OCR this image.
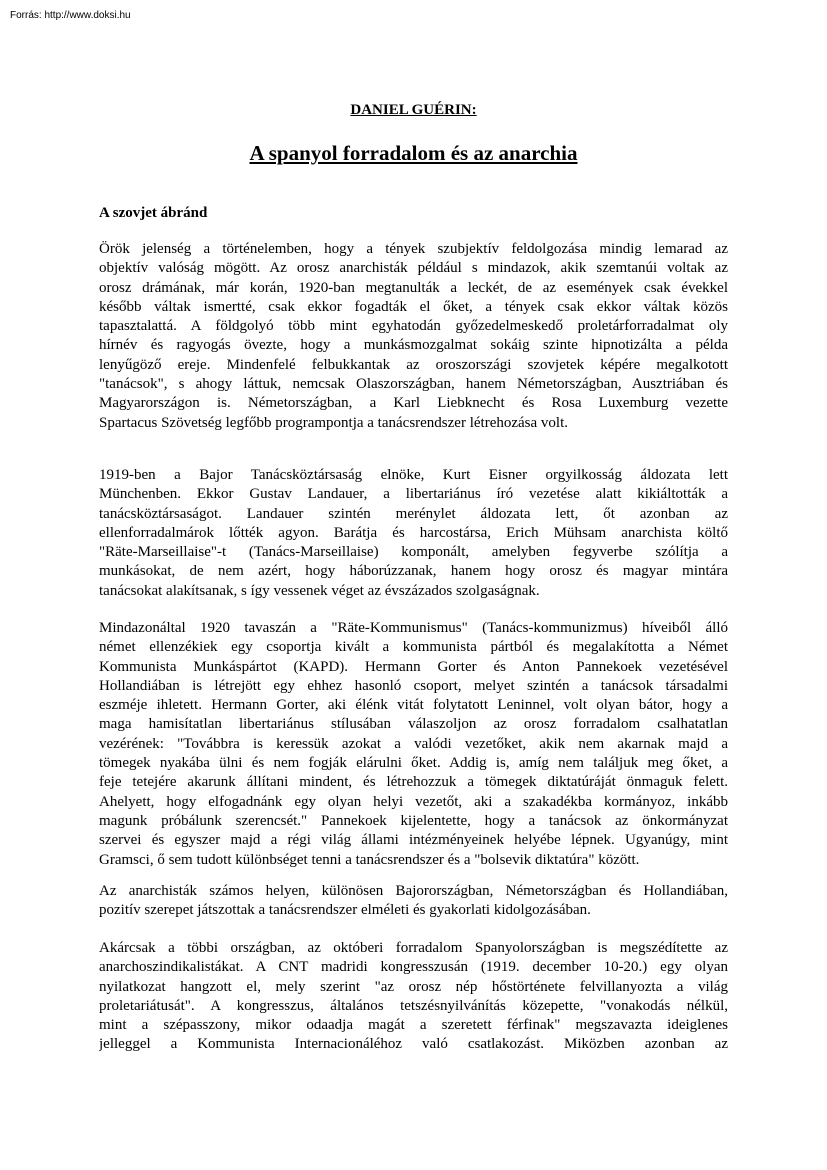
Forrás: http://www.doksi.hu
DANIEL GUÉRIN:
A spanyol forradalom és az anarchia
A szovjet ábránd
Örök jelenség a történelemben, hogy a tények szubjektív feldolgozása mindig lemarad az
objektív valóság mögött. Az orosz anarchisták például s mindazok, akik szemtanúi voltak az
orosz drámának, már korán, 1920-ban megtanulták a leckét, de az események csak évekkel
később váltak ismertté, csak ekkor fogadták el őket, a tények csak ekkor váltak közös
tapasztalattá. A földgolyó több mint egyhatodán győzedelmeskedő proletárforradalmat oly
hírnév és ragyogás övezte, hogy a munkásmozgalmat sokáig szinte hipnotizálta a példa
lenyűgöző ereje. Mindenfelé felbukkantak az oroszországi szovjetek képére megalkotott
"tanácsok", s ahogy láttuk, nemcsak Olaszországban, hanem Németországban, Ausztriában és
Magyarországon is. Németországban, a Karl Liebknecht és Rosa Luxemburg vezette
Spartacus Szövetség legfőbb programpontja a tanácsrendszer létrehozása volt.
1919-ben a Bajor Tanácsköztársaság elnöke, Kurt Eisner orgyilkosság áldozata lett
Münchenben. Ekkor Gustav Landauer, a libertariánus író vezetése alatt kikiáltották a
tanácsköztársaságot. Landauer szintén merénylet áldozata lett, őt azonban az
ellenforradalmárok lőtték agyon. Barátja és harcostársa, Erich Mühsam anarchista költő
"Räte-Marseillaise"-t (Tanács-Marseillaise) komponált, amelyben fegyverbe szólítja a
munkásokat, de nem azért, hogy háborúzzanak, hanem hogy orosz és magyar mintára
tanácsokat alakítsanak, s így vessenek véget az évszázados szolgaságnak.
Mindazonáltal 1920 tavaszán a "Räte-Kommunismus" (Tanács-kommunizmus) híveiből álló
német ellenzékiek egy csoportja kivált a kommunista pártból és megalakította a Német
Kommunista Munkáspártot (KAPD). Hermann Gorter és Anton Pannekoek vezetésével
Hollandiában is létrejött egy ehhez hasonló csoport, melyet szintén a tanácsok társadalmi
eszméje ihletett. Hermann Gorter, aki élénk vitát folytatott Leninnel, volt olyan bátor, hogy a
maga hamisítatlan libertariánus stílusában válaszoljon az orosz forradalom csalhatatlan
vezérének: "Továbbra is keressük azokat a valódi vezetőket, akik nem akarnak majd a
tömegek nyakába ülni és nem fogják elárulni őket. Addig is, amíg nem találjuk meg őket, a
feje tetejére akarunk állítani mindent, és létrehozzuk a tömegek diktatúráját önmaguk felett.
Ahelyett, hogy elfogadnánk egy olyan helyi vezetőt, aki a szakadékba kormányoz, inkább
magunk próbálunk szerencsét." Pannekoek kijelentette, hogy a tanácsok az önkormányzat
szervei és egyszer majd a régi világ állami intézményeinek helyébe lépnek. Ugyanúgy, mint
Gramsci, ő sem tudott különbséget tenni a tanácsrendszer és a "bolsevik diktatúra" között.
Az anarchisták számos helyen, különösen Bajorországban, Németországban és Hollandiában,
pozitív szerepet játszottak a tanácsrendszer elméleti és gyakorlati kidolgozásában.
Akárcsak a többi országban, az októberi forradalom Spanyolországban is megszédítette az
anarchoszindikalistákat. A CNT madridi kongresszusán (1919. december 10-20.) egy olyan
nyilatkozat hangzott el, mely szerint "az orosz nép hőstörténete felvillanyozta a világ
proletariátusát". A kongresszus, általános tetszésnyilvánítás közepette, "vonakodás nélkül,
mint a szépasszony, mikor odaadja magát a szeretett férfinak" megszavazta ideiglenes
jelleggel a Kommunista Internacionáléhoz való csatlakozást. Miközben azonban az
